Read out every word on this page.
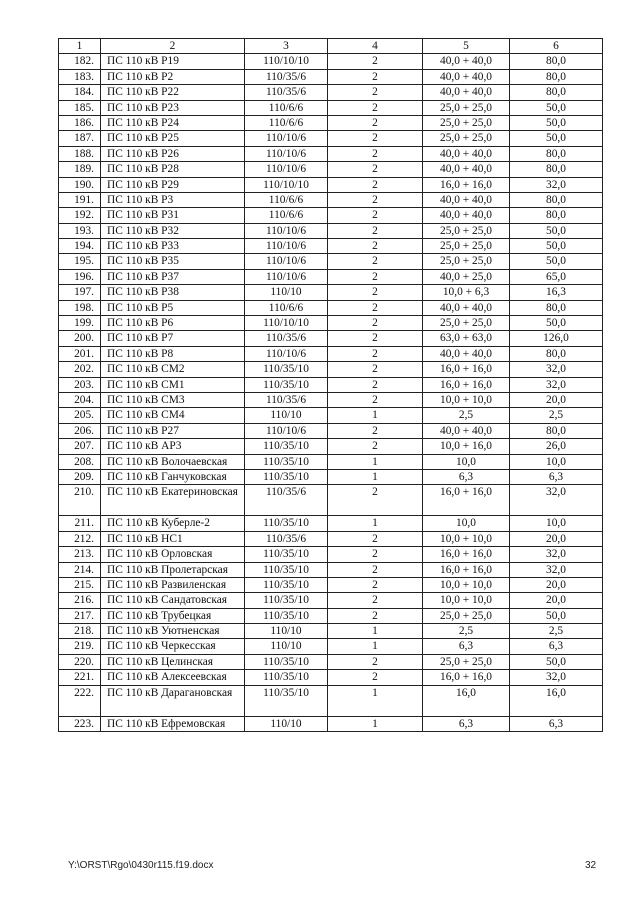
1	2	3	4	5	6
182.	ПС 110 кВ Р19	110/10/10	2	40,0 + 40,0	80,0
183.	ПС 110 кВ Р2	110/35/6	2	40,0 + 40,0	80,0
184.	ПС 110 кВ Р22	110/35/6	2	40,0 + 40,0	80,0
185.	ПС 110 кВ Р23	110/6/6	2	25,0 + 25,0	50,0
186.	ПС 110 кВ Р24	110/6/6	2	25,0 + 25,0	50,0
187.	ПС 110 кВ Р25	110/10/6	2	25,0 + 25,0	50,0
188.	ПС 110 кВ Р26	110/10/6	2	40,0 + 40,0	80,0
189.	ПС 110 кВ Р28	110/10/6	2	40,0 + 40,0	80,0
190.	ПС 110 кВ Р29	110/10/10	2	16,0 + 16,0	32,0
191.	ПС 110 кВ Р3	110/6/6	2	40,0 + 40,0	80,0
192.	ПС 110 кВ Р31	110/6/6	2	40,0 + 40,0	80,0
193.	ПС 110 кВ Р32	110/10/6	2	25,0 + 25,0	50,0
194.	ПС 110 кВ Р33	110/10/6	2	25,0 + 25,0	50,0
195.	ПС 110 кВ Р35	110/10/6	2	25,0 + 25,0	50,0
196.	ПС 110 кВ Р37	110/10/6	2	40,0 + 25,0	65,0
197.	ПС 110 кВ Р38	110/10	2	10,0 + 6,3	16,3
198.	ПС 110 кВ Р5	110/6/6	2	40,0 + 40,0	80,0
199.	ПС 110 кВ Р6	110/10/10	2	25,0 + 25,0	50,0
200.	ПС 110 кВ Р7	110/35/6	2	63,0 + 63,0	126,0
201.	ПС 110 кВ Р8	110/10/6	2	40,0 + 40,0	80,0
202.	ПС 110 кВ СМ2	110/35/10	2	16,0 + 16,0	32,0
203.	ПС 110 кВ СМ1	110/35/10	2	16,0 + 16,0	32,0
204.	ПС 110 кВ СМ3	110/35/6	2	10,0 + 10,0	20,0
205.	ПС 110 кВ СМ4	110/10	1	2,5	2,5
206.	ПС 110 кВ Р27	110/10/6	2	40,0 + 40,0	80,0
207.	ПС 110 кВ АР3	110/35/10	2	10,0 + 16,0	26,0
208.	ПС 110 кВ Волочаевская	110/35/10	1	10,0	10,0
209.	ПС 110 кВ Ганчуковская	110/35/10	1	6,3	6,3
210.	ПС 110 кВ Екатериновская	110/35/6	2	16,0 + 16,0	32,0
211.	ПС 110 кВ Куберле-2	110/35/10	1	10,0	10,0
212.	ПС 110 кВ НС1	110/35/6	2	10,0 + 10,0	20,0
213.	ПС 110 кВ Орловская	110/35/10	2	16,0 + 16,0	32,0
214.	ПС 110 кВ Пролетарская	110/35/10	2	16,0 + 16,0	32,0
215.	ПС 110 кВ Развиленская	110/35/10	2	10,0 + 10,0	20,0
216.	ПС 110 кВ Сандатовская	110/35/10	2	10,0 + 10,0	20,0
217.	ПС 110 кВ Трубецкая	110/35/10	2	25,0 + 25,0	50,0
218.	ПС 110 кВ Уютненская	110/10	1	2,5	2,5
219.	ПС 110 кВ Черкесская	110/10	1	6,3	6,3
220.	ПС 110 кВ Целинская	110/35/10	2	25,0 + 25,0	50,0
221.	ПС 110 кВ Алексеевская	110/35/10	2	16,0 + 16,0	32,0
222.	ПС 110 кВ Дарагановская	110/35/10	1	16,0	16,0
223.	ПС 110 кВ Ефремовская	110/10	1	6,3	6,3
Y:\ORST\Rgo\0430r115.f19.docx	32
